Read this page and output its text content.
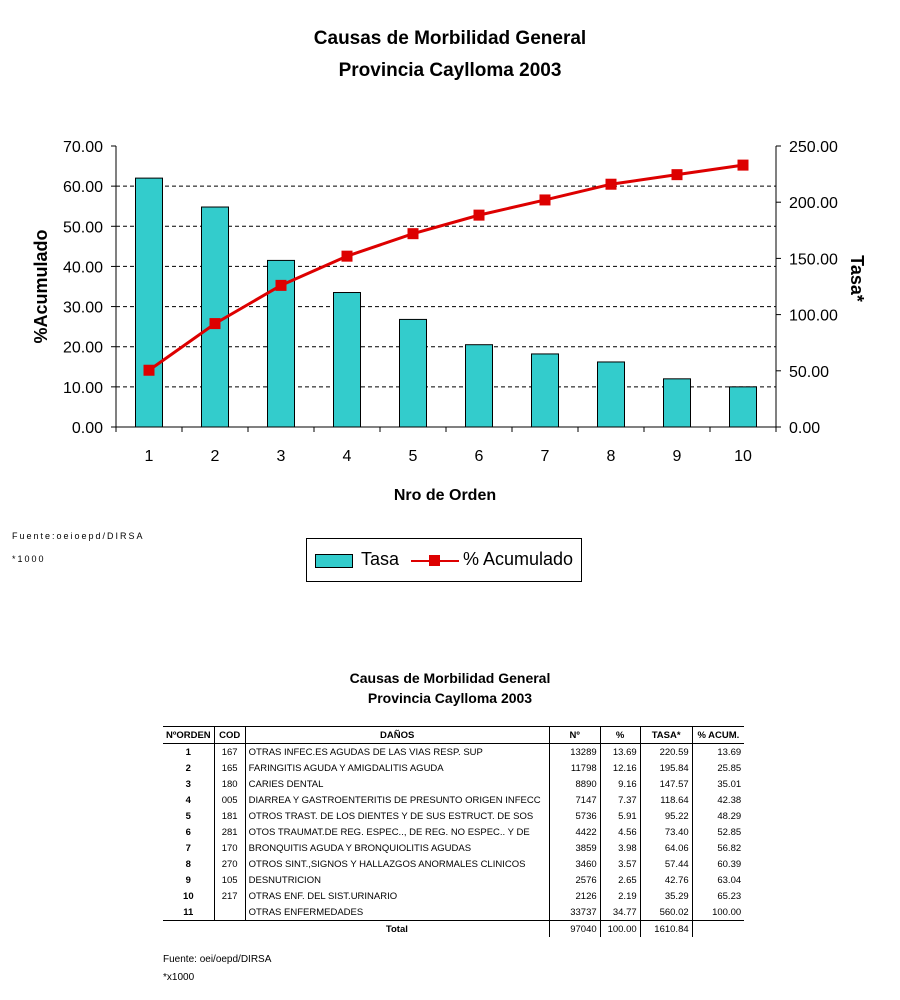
Causas de Morbilidad General
Provincia Caylloma 2003
1	2	3	4	5	6	7	8	9	10
0.00
10.00
20.00
30.00
40.00
50.00
60.00
70.00
0.00
50.00
100.00
150.00
200.00
250.00
%Acumulado	Tasa*
Nro de Orden
Fuente:oeioepd/DIRSA
*1000	Tasa	% Acumulado
Causas de Morbilidad General
Provincia Caylloma 2003
NºORDEN	COD	DAÑOS	Nº	%	TASA*	% ACUM.
1	167	OTRAS INFEC.ES AGUDAS DE LAS VIAS RESP. SUP	13289	13.69	220.59	13.69
2	165	FARINGITIS AGUDA Y AMIGDALITIS AGUDA	11798	12.16	195.84	25.85
3	180	CARIES DENTAL	8890	9.16	147.57	35.01
4	005	DIARREA Y GASTROENTERITIS DE PRESUNTO ORIGEN INFECC	7147	7.37	118.64	42.38
5	181	OTROS TRAST. DE LOS DIENTES Y DE SUS ESTRUCT. DE SOS	5736	5.91	95.22	48.29
6	281	OTOS TRAUMAT.DE REG. ESPEC.., DE REG. NO ESPEC.. Y DE	4422	4.56	73.40	52.85
7	170	BRONQUITIS AGUDA Y BRONQUIOLITIS AGUDAS	3859	3.98	64.06	56.82
8	270	OTROS SINT.,SIGNOS Y HALLAZGOS ANORMALES CLINICOS	3460	3.57	57.44	60.39
9	105	DESNUTRICION	2576	2.65	42.76	63.04
10	217	OTRAS ENF. DEL SIST.URINARIO	2126	2.19	35.29	65.23
11		OTRAS ENFERMEDADES	33737	34.77	560.02	100.00
		Total	97040	100.00	1610.84	
Fuente: oei/oepd/DIRSA
*x1000
